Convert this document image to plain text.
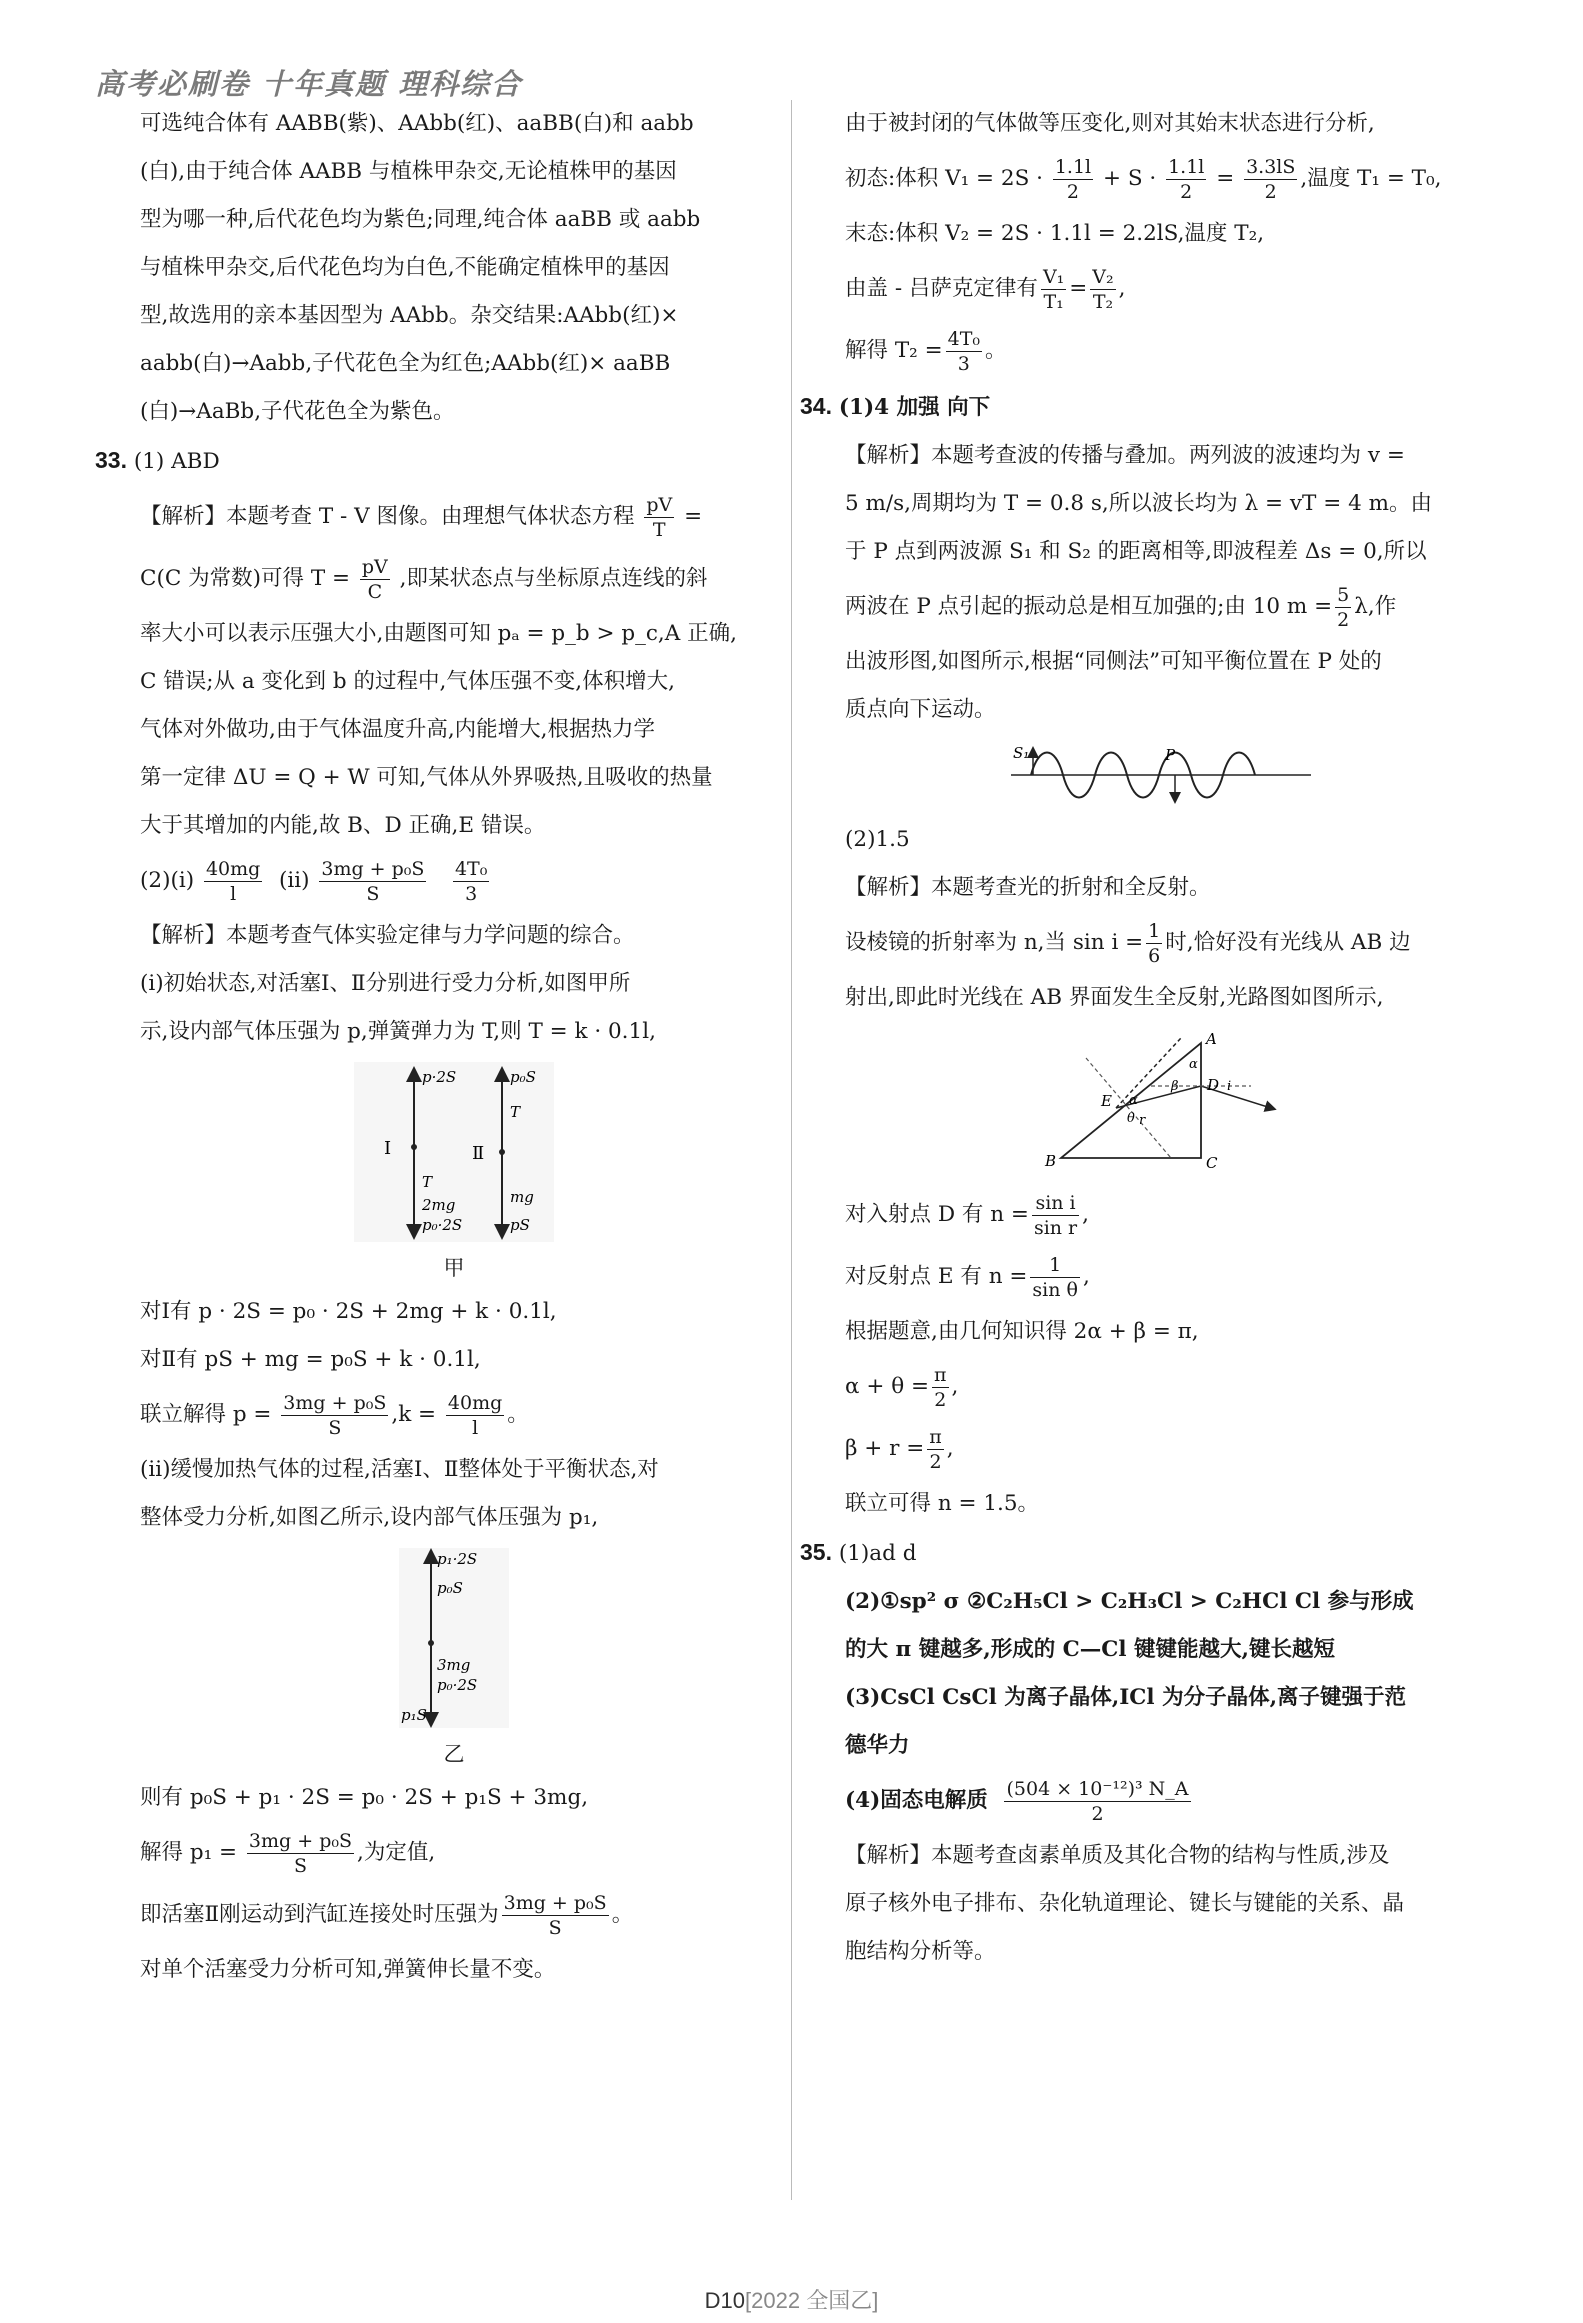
高考必刷卷 十年真题 理科综合

可选纯合体有 AABB(紫)、AAbb(红)、aaBB(白)和 aabb

(白),由于纯合体 AABB 与植株甲杂交,无论植株甲的基因

型为哪一种,后代花色均为紫色;同理,纯合体 aaBB 或 aabb

与植株甲杂交,后代花色均为白色,不能确定植株甲的基因

型,故选用的亲本基因型为 AAbb。杂交结果:AAbb(红)×

aabb(白)→Aabb,子代花色全为红色;AAbb(红)× aaBB

(白)→AaBb,子代花色全为紫色。

33. (1) ABD

【解析】本题考查 T - V 图像。由理想气体状态方程 $\frac{pV}{T}$ =

C(C 为常数)可得 $T = \frac{pV}{C}$ ,即某状态点与坐标原点连线的斜

率大小可以表示压强大小,由题图可知 pₐ = p_b > p_c,A 正确,

C 错误;从 a 变化到 b 的过程中,气体压强不变,体积增大,

气体对外做功,由于气体温度升高,内能增大,根据热力学

第一定律 ΔU = Q + W 可知,气体从外界吸热,且吸收的热量

大于其增加的内能,故 B、D 正确,E 错误。

$(2)(i) \frac{40mg}{l} (ii) \frac{\text{3mg + p₀S}}{S}$
$\frac{\text{4T₀}}{3}$

【解析】本题考查气体实验定律与力学问题的综合。

(i)初始状态,对活塞Ⅰ、Ⅱ分别进行受力分析,如图甲所

示,设内部气体压强为 p,弹簧弹力为 T,则 T = k · 0.1l,

p·2S
T
2mg
p₀·2S
Ⅰ
p₀S
T
mg
pS
Ⅱ
甲

对Ⅰ有 p · 2S = p₀ · 2S + 2mg + k · 0.1l,

对Ⅱ有 pS + mg = p₀S + k · 0.1l,

联立解得 $p = \frac{\text{3mg + p₀S}}{S} ,k = \frac{40mg}{l}$ 。

(ii)缓慢加热气体的过程,活塞Ⅰ、Ⅱ整体处于平衡状态,对

整体受力分析,如图乙所示,设内部气体压强为 p₁,

p₁·2S
p₀S
3mg
p₀·2S
p₁S
乙

则有 p₀S + p₁ · 2S = p₀ · 2S + p₁S + 3mg,

解得 $p_1 = \frac{\text{3mg + p₀S}}{S}$ ,为定值,

即活塞Ⅱ刚运动到汽缸连接处时压强为 $\frac{\text{3mg + p₀S}}{S}$ 。

对单个活塞受力分析可知,弹簧伸长量不变。

由于被封闭的气体做等压变化,则对其始末状态进行分析,

初态:体积 $V_1 = 2S \cdot \frac{1.1l}{2} + S \cdot \frac{1.1l}{2} = \frac{3.3lS}{2}$ ,温度 T₁ = T₀,

末态:体积 V₂ = 2S · 1.1l = 2.2lS,温度 T₂,

由盖 - 吕萨克定律有 $\frac{\text{V₁}}{\text{T₁}} = \frac{\text{V₂}}{\text{T₂}}$ ,

解得 $T_2 = \frac{\text{4T₀}}{3}$ 。

34. (1)4 加强 向下

【解析】本题考查波的传播与叠加。两列波的波速均为 v =

5 m/s,周期均为 T = 0.8 s,所以波长均为 λ = vT = 4 m。由

于 P 点到两波源 S₁ 和 S₂ 的距离相等,即波程差 Δs = 0,所以

两波在 P 点引起的振动总是相互加强的;由 10 $m = \frac{5}{2} \lambda$,作

出波形图,如图所示,根据“同侧法”可知平衡位置在 P 处的

质点向下运动。

S₁	P

(2)1.5

【解析】本题考查光的折射和全反射。

设棱镜的折射率为 n,当 $\sin i = \frac{1}{6}$ 时,恰好没有光线从 AB 边

射出,即此时光线在 AB 界面发生全反射,光路图如图所示,

A
B	C
D
E
α
α
β
θ r
i

对入射点 D 有 $n = \frac{\text{sin i}}{\text{sin r}}$ ,

对反射点 E 有 $n = \frac{1}{\text{sin θ}}$ ,

根据题意,由几何知识得 2α + β = π,

$\alpha + \theta = \frac{\pi}{2}$ ,

$\beta + r = \frac{\pi}{2}$ ,

联立可得 n = 1.5。

35. (1)ad d

(2)①sp² σ ②C₂H₅Cl > C₂H₃Cl > C₂HCl Cl 参与形成

的大 π 键越多,形成的 C—Cl 键键能越大,键长越短

(3)CsCl CsCl 为离子晶体,ICl 为分子晶体,离子键强于范

德华力

(4)固态电解质 $\frac{\text{(504 × 10⁻¹²)³ N\_A}}{2}$

【解析】本题考查卤素单质及其化合物的结构与性质,涉及

原子核外电子排布、杂化轨道理论、键长与键能的关系、晶

胞结构分析等。

D10[2022 全国乙]
